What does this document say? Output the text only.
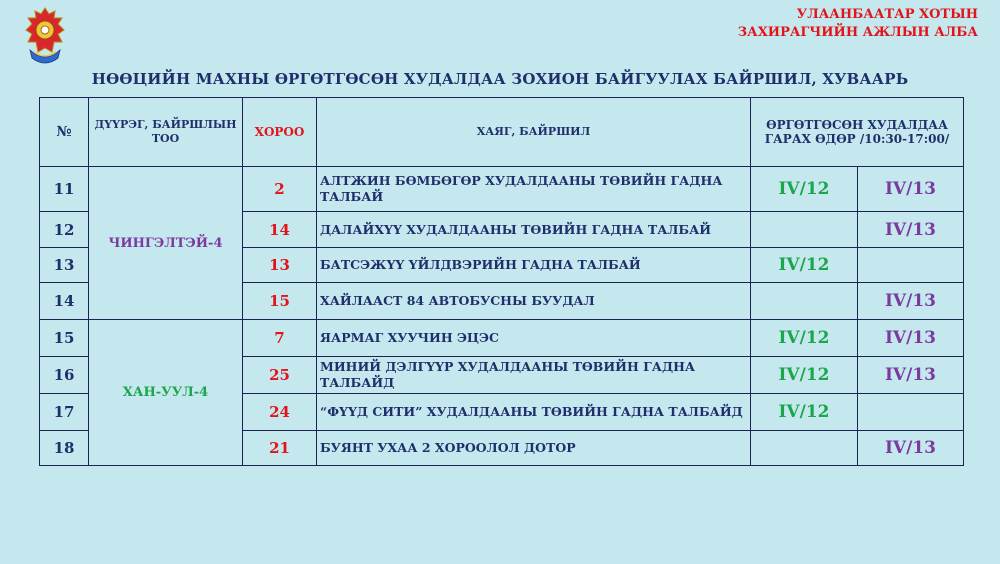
УЛААНБААТАР ХОТЫН
ЗАХИРАГЧИЙН АЖЛЫН АЛБА
НӨӨЦИЙН МАХНЫ ӨРГӨТГӨСӨН ХУДАЛДАА ЗОХИОН БАЙГУУЛАХ БАЙРШИЛ, ХУВААРЬ
№	ДҮҮРЭГ, БАЙРШЛЫН ТОО	ХОРОО	ХАЯГ, БАЙРШИЛ	ӨРГӨТГӨСӨН ХУДАЛДАА ГАРАХ ӨДӨР /10:30-17:00/	
11	ЧИНГЭЛТЭЙ-4	2	АЛТЖИН БӨМБӨГӨР ХУДАЛДААНЫ ТӨВИЙН ГАДНА ТАЛБАЙ	IV/12	IV/13
12		14	ДАЛАЙХҮҮ ХУДАЛДААНЫ ТӨВИЙН ГАДНА ТАЛБАЙ		IV/13
13		13	БАТСЭЖҮҮ ҮЙЛДВЭРИЙН ГАДНА ТАЛБАЙ	IV/12	
14		15	ХАЙЛААСТ 84 АВТОБУСНЫ БУУДАЛ		IV/13
15	ХАН-УУЛ-4	7	ЯАРМАГ ХУУЧИН ЭЦЭС	IV/12	IV/13
16		25	МИНИЙ ДЭЛГҮҮР ХУДАЛДААНЫ ТӨВИЙН ГАДНА ТАЛБАЙД	IV/12	IV/13
17		24	“ФҮҮД СИТИ” ХУДАЛДААНЫ ТӨВИЙН ГАДНА ТАЛБАЙД	IV/12	
18		21	БУЯНТ УХАА 2 ХОРООЛОЛ ДОТОР		IV/13
